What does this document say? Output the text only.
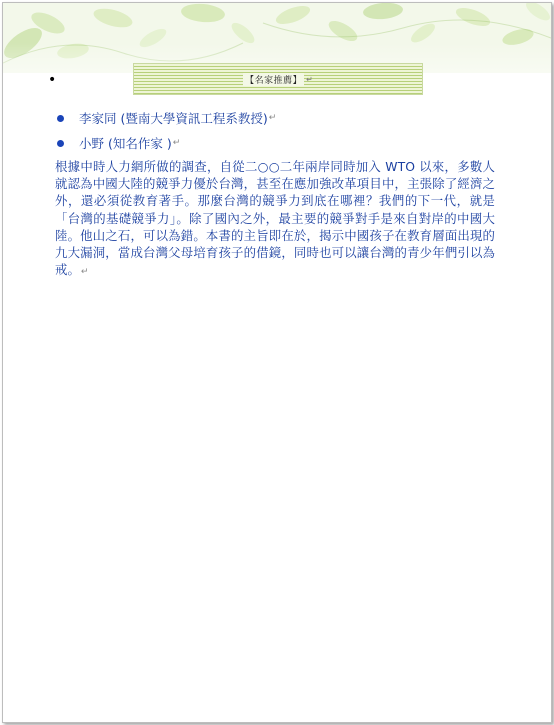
•	【名家推薦】 ↵
李家同 (暨南大學資訊工程系教授) ↵
小野 (知名作家 ) ↵

根據中時人力網所做的調查，自從二○○二年兩岸同時加入 WTO 以來，多數人就認為中國大陸的競爭力優於台灣，甚至在應加強改革項目中，主張除了經濟之外，還必須從教育著手。那麼台灣的競爭力到底在哪裡？我們的下一代，就是「台灣的基礎競爭力」。除了國內之外，最主要的競爭對手是來自對岸的中國大陸。他山之石，可以為錯。本書的主旨即在於，揭示中國孩子在教育層面出現的九大漏洞，當成台灣父母培育孩子的借鏡，同時也可以讓台灣的青少年們引以為戒。↵
